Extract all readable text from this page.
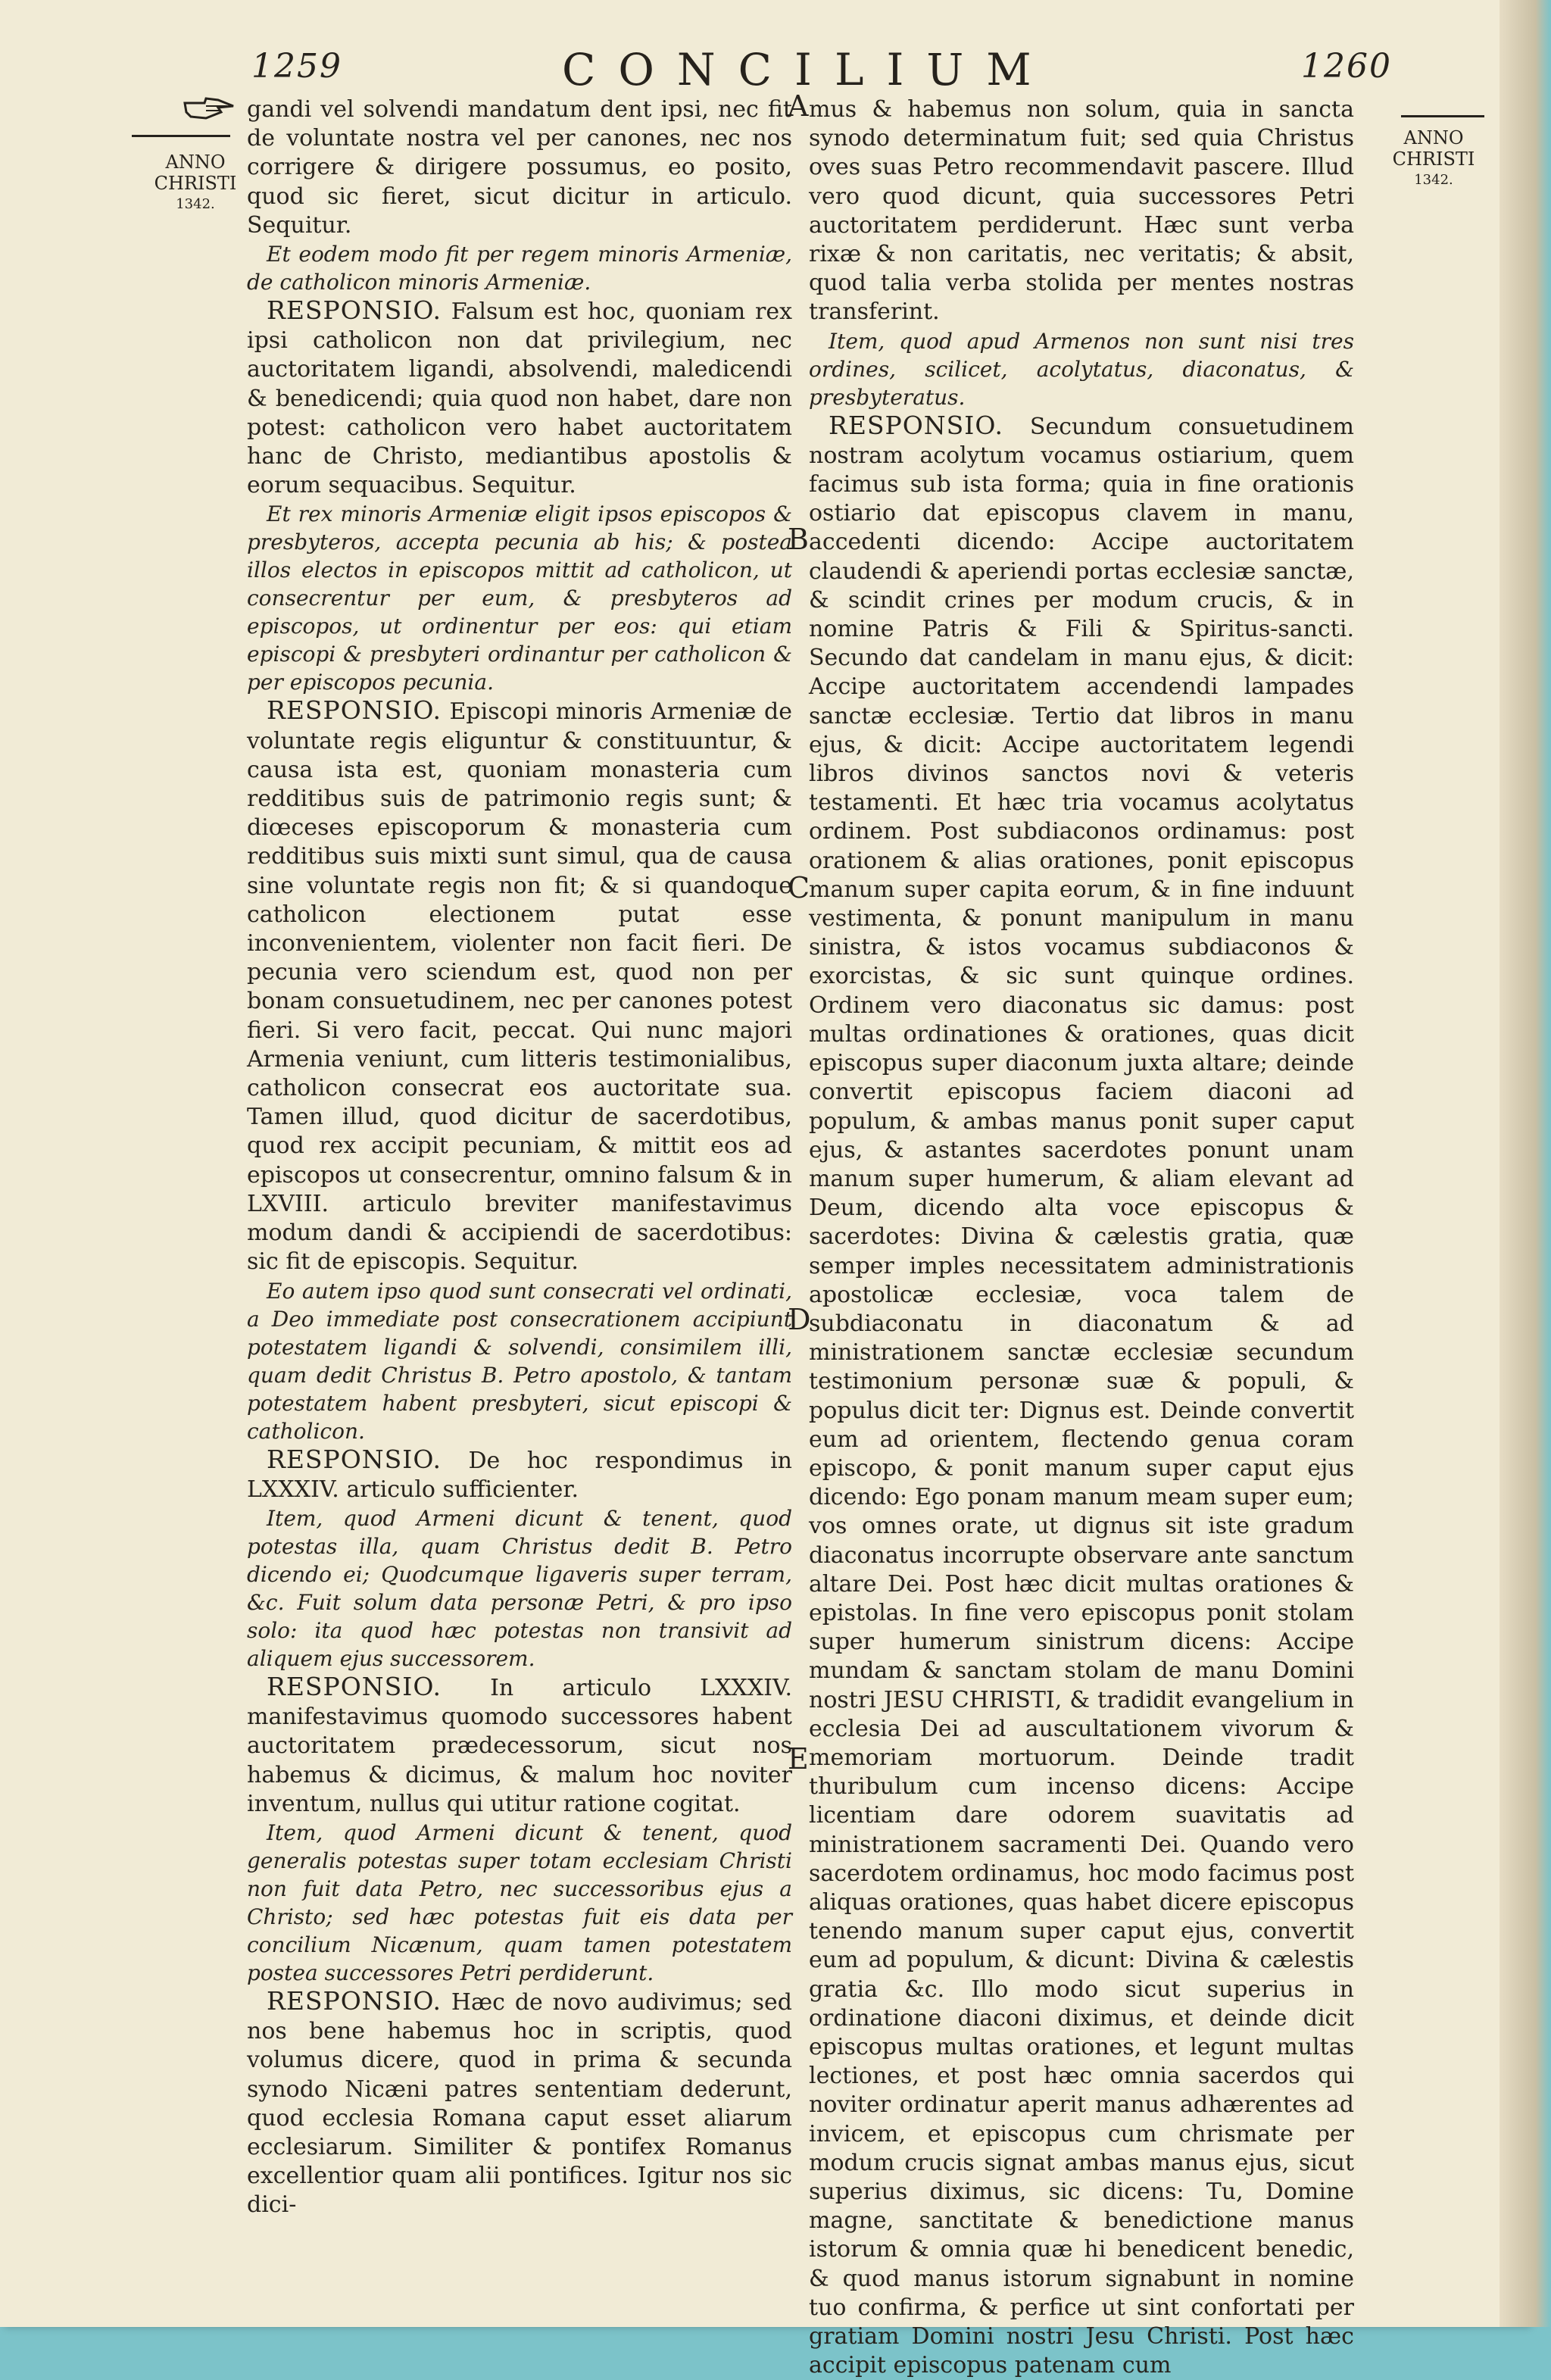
1259	CONCILIUM	1260
ANNO
CHRISTI
1342.
ANNO
CHRISTI
1342.
A
B
C
D
E

gandi vel solvendi mandatum dent ipsi, nec fit de voluntate nostra vel per canones, nec nos corrigere & dirigere possumus, eo posito, quod sic fieret, sicut dicitur in articulo. Sequitur.

Et eodem modo fit per regem minoris Armeniæ, de catholicon minoris Armeniæ.

RESPONSIO. Falsum est hoc, quoniam rex ipsi catholicon non dat privilegium, nec auctoritatem ligandi, absolvendi, maledicendi & benedicendi; quia quod non habet, dare non potest: catholicon vero habet auctoritatem hanc de Christo, mediantibus apostolis & eorum sequacibus. Sequitur.

Et rex minoris Armeniæ eligit ipsos episcopos & presbyteros, accepta pecunia ab his; & postea illos electos in episcopos mittit ad catholicon, ut consecrentur per eum, & presbyteros ad episcopos, ut ordinentur per eos: qui etiam episcopi & presbyteri ordinantur per catholicon & per episcopos pecunia.

RESPONSIO. Episcopi minoris Armeniæ de voluntate regis eliguntur & constituuntur, & causa ista est, quoniam monasteria cum redditibus suis de patrimonio regis sunt; & diœceses episcoporum & monasteria cum redditibus suis mixti sunt simul, qua de causa sine voluntate regis non fit; & si quandoque catholicon electionem putat esse inconvenientem, violenter non facit fieri. De pecunia vero sciendum est, quod non per bonam consuetudinem, nec per canones potest fieri. Si vero facit, peccat. Qui nunc majori Armenia veniunt, cum litteris testimonialibus, catholicon consecrat eos auctoritate sua. Tamen illud, quod dicitur de sacerdotibus, quod rex accipit pecuniam, & mittit eos ad episcopos ut consecrentur, omnino falsum & in LXVIII. articulo breviter manifestavimus modum dandi & accipiendi de sacerdotibus: sic fit de episcopis. Sequitur.

Eo autem ipso quod sunt consecrati vel ordinati, a Deo immediate post consecrationem accipiunt potestatem ligandi & solvendi, consimilem illi, quam dedit Christus B. Petro apostolo, & tantam potestatem habent presbyteri, sicut episcopi & catholicon.

RESPONSIO. De hoc respondimus in LXXXIV. articulo sufficienter.

Item, quod Armeni dicunt & tenent, quod potestas illa, quam Christus dedit B. Petro dicendo ei; Quodcumque ligaveris super terram, &c. Fuit solum data personæ Petri, & pro ipso solo: ita quod hæc potestas non transivit ad aliquem ejus successorem.

RESPONSIO. In articulo LXXXIV. manifestavimus quomodo successores habent auctoritatem prædecessorum, sicut nos habemus & dicimus, & malum hoc noviter inventum, nullus qui utitur ratione cogitat.

Item, quod Armeni dicunt & tenent, quod generalis potestas super totam ecclesiam Christi non fuit data Petro, nec successoribus ejus a Christo; sed hæc potestas fuit eis data per concilium Nicænum, quam tamen potestatem postea successores Petri perdiderunt.

RESPONSIO. Hæc de novo audivimus; sed nos bene habemus hoc in scriptis, quod volumus dicere, quod in prima & secunda synodo Nicæni patres sententiam dederunt, quod ecclesia Romana caput esset aliarum ecclesiarum. Similiter & pontifex Romanus excellentior quam alii pontifices. Igitur nos sic dici-

mus & habemus non solum, quia in sancta synodo determinatum fuit; sed quia Christus oves suas Petro recommendavit pascere. Illud vero quod dicunt, quia successores Petri auctoritatem perdiderunt. Hæc sunt verba rixæ & non caritatis, nec veritatis; & absit, quod talia verba stolida per mentes nostras transferint.

Item, quod apud Armenos non sunt nisi tres ordines, scilicet, acolytatus, diaconatus, & presbyteratus.

RESPONSIO. Secundum consuetudinem nostram acolytum vocamus ostiarium, quem facimus sub ista forma; quia in fine orationis ostiario dat episcopus clavem in manu, accedenti dicendo: Accipe auctoritatem claudendi & aperiendi portas ecclesiæ sanctæ, & scindit crines per modum crucis, & in nomine Patris & Fili & Spiritus-sancti. Secundo dat candelam in manu ejus, & dicit: Accipe auctoritatem accendendi lampades sanctæ ecclesiæ. Tertio dat libros in manu ejus, & dicit: Accipe auctoritatem legendi libros divinos sanctos novi & veteris testamenti. Et hæc tria vocamus acolytatus ordinem. Post subdiaconos ordinamus: post orationem & alias orationes, ponit episcopus manum super capita eorum, & in fine induunt vestimenta, & ponunt manipulum in manu sinistra, & istos vocamus subdiaconos & exorcistas, & sic sunt quinque ordines. Ordinem vero diaconatus sic damus: post multas ordinationes & orationes, quas dicit episcopus super diaconum juxta altare; deinde convertit episcopus faciem diaconi ad populum, & ambas manus ponit super caput ejus, & astantes sacerdotes ponunt unam manum super humerum, & aliam elevant ad Deum, dicendo alta voce episcopus & sacerdotes: Divina & cælestis gratia, quæ semper imples necessitatem administrationis apostolicæ ecclesiæ, voca talem de subdiaconatu in diaconatum & ad ministrationem sanctæ ecclesiæ secundum testimonium personæ suæ & populi, & populus dicit ter: Dignus est. Deinde convertit eum ad orientem, flectendo genua coram episcopo, & ponit manum super caput ejus dicendo: Ego ponam manum meam super eum; vos omnes orate, ut dignus sit iste gradum diaconatus incorrupte observare ante sanctum altare Dei. Post hæc dicit multas orationes & epistolas. In fine vero episcopus ponit stolam super humerum sinistrum dicens: Accipe mundam & sanctam stolam de manu Domini nostri JESU CHRISTI, & tradidit evangelium in ecclesia Dei ad auscultationem vivorum & memoriam mortuorum. Deinde tradit thuribulum cum incenso dicens: Accipe licentiam dare odorem suavitatis ad ministrationem sacramenti Dei. Quando vero sacerdotem ordinamus, hoc modo facimus post aliquas orationes, quas habet dicere episcopus tenendo manum super caput ejus, convertit eum ad populum, & dicunt: Divina & cælestis gratia &c. Illo modo sicut superius in ordinatione diaconi diximus, et deinde dicit episcopus multas orationes, et legunt multas lectiones, et post hæc omnia sacerdos qui noviter ordinatur aperit manus adhærentes ad invicem, et episcopus cum chrismate per modum crucis signat ambas manus ejus, sicut superius diximus, sic dicens: Tu, Domine magne, sanctitate & benedictione manus istorum & omnia quæ hi benedicent benedic, & quod manus istorum signabunt in nomine tuo confirma, & perfice ut sint confortati per gratiam Domini nostri Jesu Christi. Post hæc accipit episcopus patenam cum
